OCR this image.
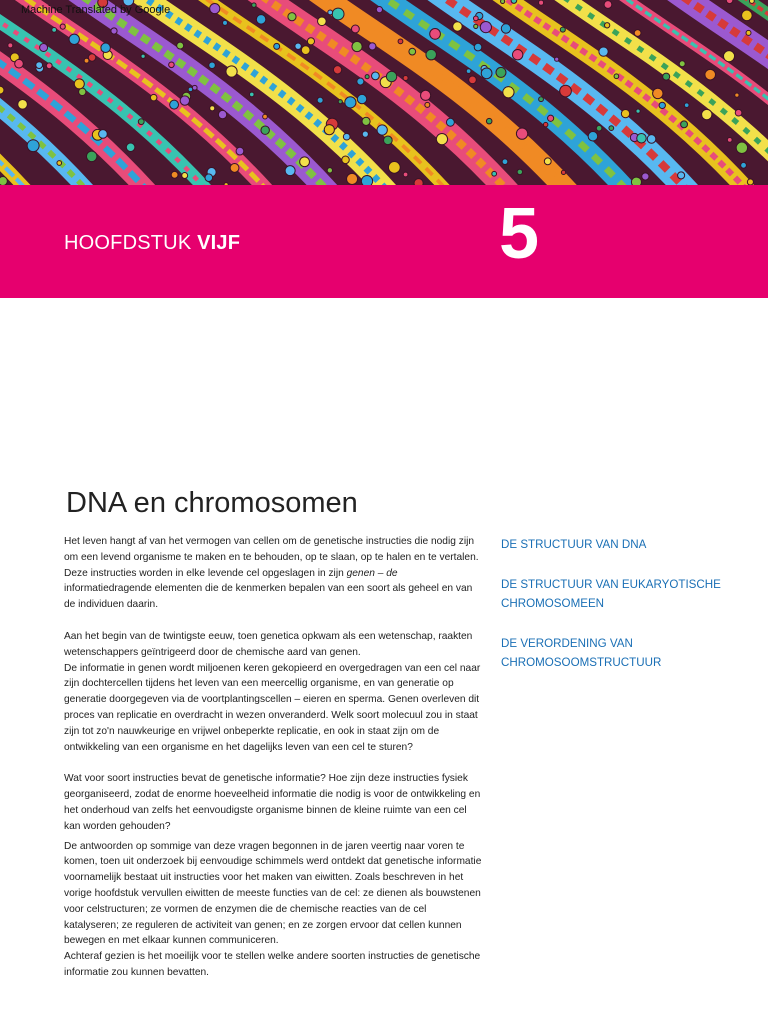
Machine Translated by Google
HOOFDSTUK VIJF	5
DNA en chromosomen

Het leven hangt af van het vermogen van cellen om de genetische instructies die nodig zijn om een levend organisme te maken en te behouden, op te slaan, op te halen en te vertalen. Deze instructies worden in elke levende cel opgeslagen in zijn genen – de informatiedragende elementen die de kenmerken bepalen van een soort als geheel en van de individuen daarin.

Aan het begin van de twintigste eeuw, toen genetica opkwam als een wetenschap, raakten wetenschappers geïntrigeerd door de chemische aard van genen.

De informatie in genen wordt miljoenen keren gekopieerd en overgedragen van een cel naar zijn dochtercellen tijdens het leven van een meercellig organisme, en van generatie op generatie doorgegeven via de voortplantingscellen – eieren en sperma. Genen overleven dit proces van replicatie en overdracht in wezen onveranderd. Welk soort molecuul zou in staat zijn tot zo'n nauwkeurige en vrijwel onbeperkte replicatie, en ook in staat zijn om de ontwikkeling van een organisme en het dagelijks leven van een cel te sturen?

Wat voor soort instructies bevat de genetische informatie? Hoe zijn deze instructies fysiek georganiseerd, zodat de enorme hoeveelheid informatie die nodig is voor de ontwikkeling en het onderhoud van zelfs het eenvoudigste organisme binnen de kleine ruimte van een cel kan worden gehouden?

De antwoorden op sommige van deze vragen begonnen in de jaren veertig naar voren te komen, toen uit onderzoek bij eenvoudige schimmels werd ontdekt dat genetische informatie voornamelijk bestaat uit instructies voor het maken van eiwitten. Zoals beschreven in het vorige hoofdstuk vervullen eiwitten de meeste functies van de cel: ze dienen als bouwstenen voor celstructuren; ze vormen de enzymen die de chemische reacties van de cel katalyseren; ze reguleren de activiteit van genen; en ze zorgen ervoor dat cellen kunnen bewegen en met elkaar kunnen communiceren.

Achteraf gezien is het moeilijk voor te stellen welke andere soorten instructies de genetische informatie zou kunnen bevatten.

DE STRUCTUUR VAN DNA
DE STRUCTUUR VAN EUKARYOTISCHE CHROMOSOMEEN
DE VERORDENING VAN CHROMOSOOMSTRUCTUUR
